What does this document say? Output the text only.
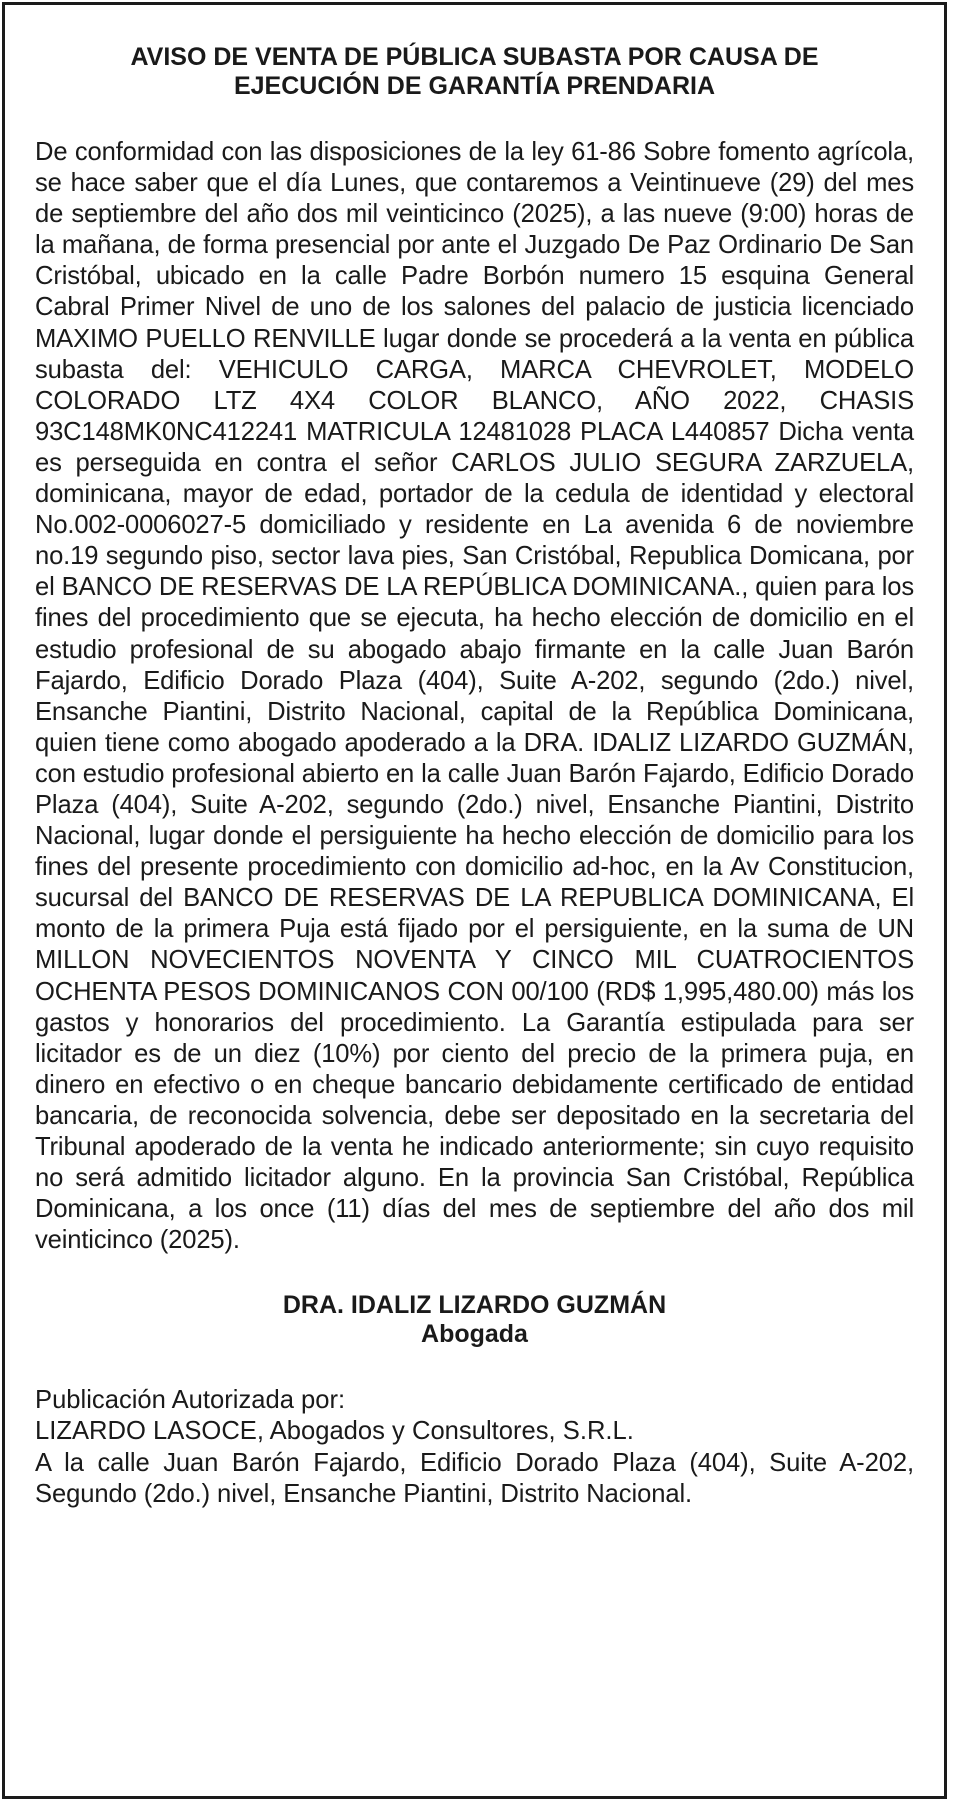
AVISO DE VENTA DE PÚBLICA SUBASTA POR CAUSA DE
EJECUCIÓN DE GARANTÍA PRENDARIA

De conformidad con las disposiciones de la ley 61-86 Sobre fomento agrícola, se hace saber que el día Lunes, que contaremos a Veintinueve (29) del mes de septiembre del año dos mil veinticinco (2025), a las nueve (9:00) horas de la mañana, de forma presencial por ante el Juzgado De Paz Ordinario De San Cristóbal, ubicado en la calle Padre Borbón numero 15 esquina General Cabral Primer Nivel de uno de los salones del palacio de justicia licenciado MAXIMO PUELLO RENVILLE lugar donde se procederá a la venta en pública subasta del: VEHICULO CARGA, MARCA CHEVROLET, MODELO COLORADO LTZ 4X4 COLOR BLANCO, AÑO 2022, CHASIS 93C148MK0NC412241 MATRICULA 12481028 PLACA L440857 Dicha venta es perseguida en contra el señor CARLOS JULIO SEGURA ZARZUELA, dominicana, mayor de edad, portador de la cedula de identidad y electoral No.002-0006027-5 domiciliado y residente en La avenida 6 de noviembre no.19 segundo piso, sector lava pies, San Cristóbal, Republica Domicana, por el BANCO DE RESERVAS DE LA REPÚBLICA DOMINICANA., quien para los fines del procedimiento que se ejecuta, ha hecho elección de domicilio en el estudio profesional de su abogado abajo firmante en la calle Juan Barón Fajardo, Edificio Dorado Plaza (404), Suite A-202, segundo (2do.) nivel, Ensanche Piantini, Distrito Nacional, capital de la República Dominicana, quien tiene como abogado apoderado a la DRA. IDALIZ LIZARDO GUZMÁN, con estudio profesional abierto en la calle Juan Barón Fajardo, Edificio Dorado Plaza (404), Suite A-202, segundo (2do.) nivel, Ensanche Piantini, Distrito Nacional, lugar donde el persiguiente ha hecho elección de domicilio para los fines del presente procedimiento con domicilio ad-hoc, en la Av Constitucion, sucursal del BANCO DE RESERVAS DE LA REPUBLICA DOMINICANA, El monto de la primera Puja está fijado por el persiguiente, en la suma de UN MILLON NOVECIENTOS NOVENTA Y CINCO MIL CUATROCIENTOS OCHENTA PESOS DOMINICANOS CON 00/100 (RD$ 1,995,480.00) más los gastos y honorarios del procedimiento. La Garantía estipulada para ser licitador es de un diez (10%) por ciento del precio de la primera puja, en dinero en efectivo o en cheque bancario debidamente certificado de entidad bancaria, de reconocida solvencia, debe ser depositado en la secretaria del Tribunal apoderado de la venta he indicado anteriormente; sin cuyo requisito no será admitido licitador alguno. En la provincia San Cristóbal, República Dominicana, a los once (11) días del mes de septiembre del año dos mil veinticinco (2025).

DRA. IDALIZ LIZARDO GUZMÁN
Abogada
Publicación Autorizada por:
LIZARDO LASOCE, Abogados y Consultores, S.R.L.
A la calle Juan Barón Fajardo, Edificio Dorado Plaza (404), Suite A-202, Segundo (2do.) nivel, Ensanche Piantini, Distrito Nacional.
